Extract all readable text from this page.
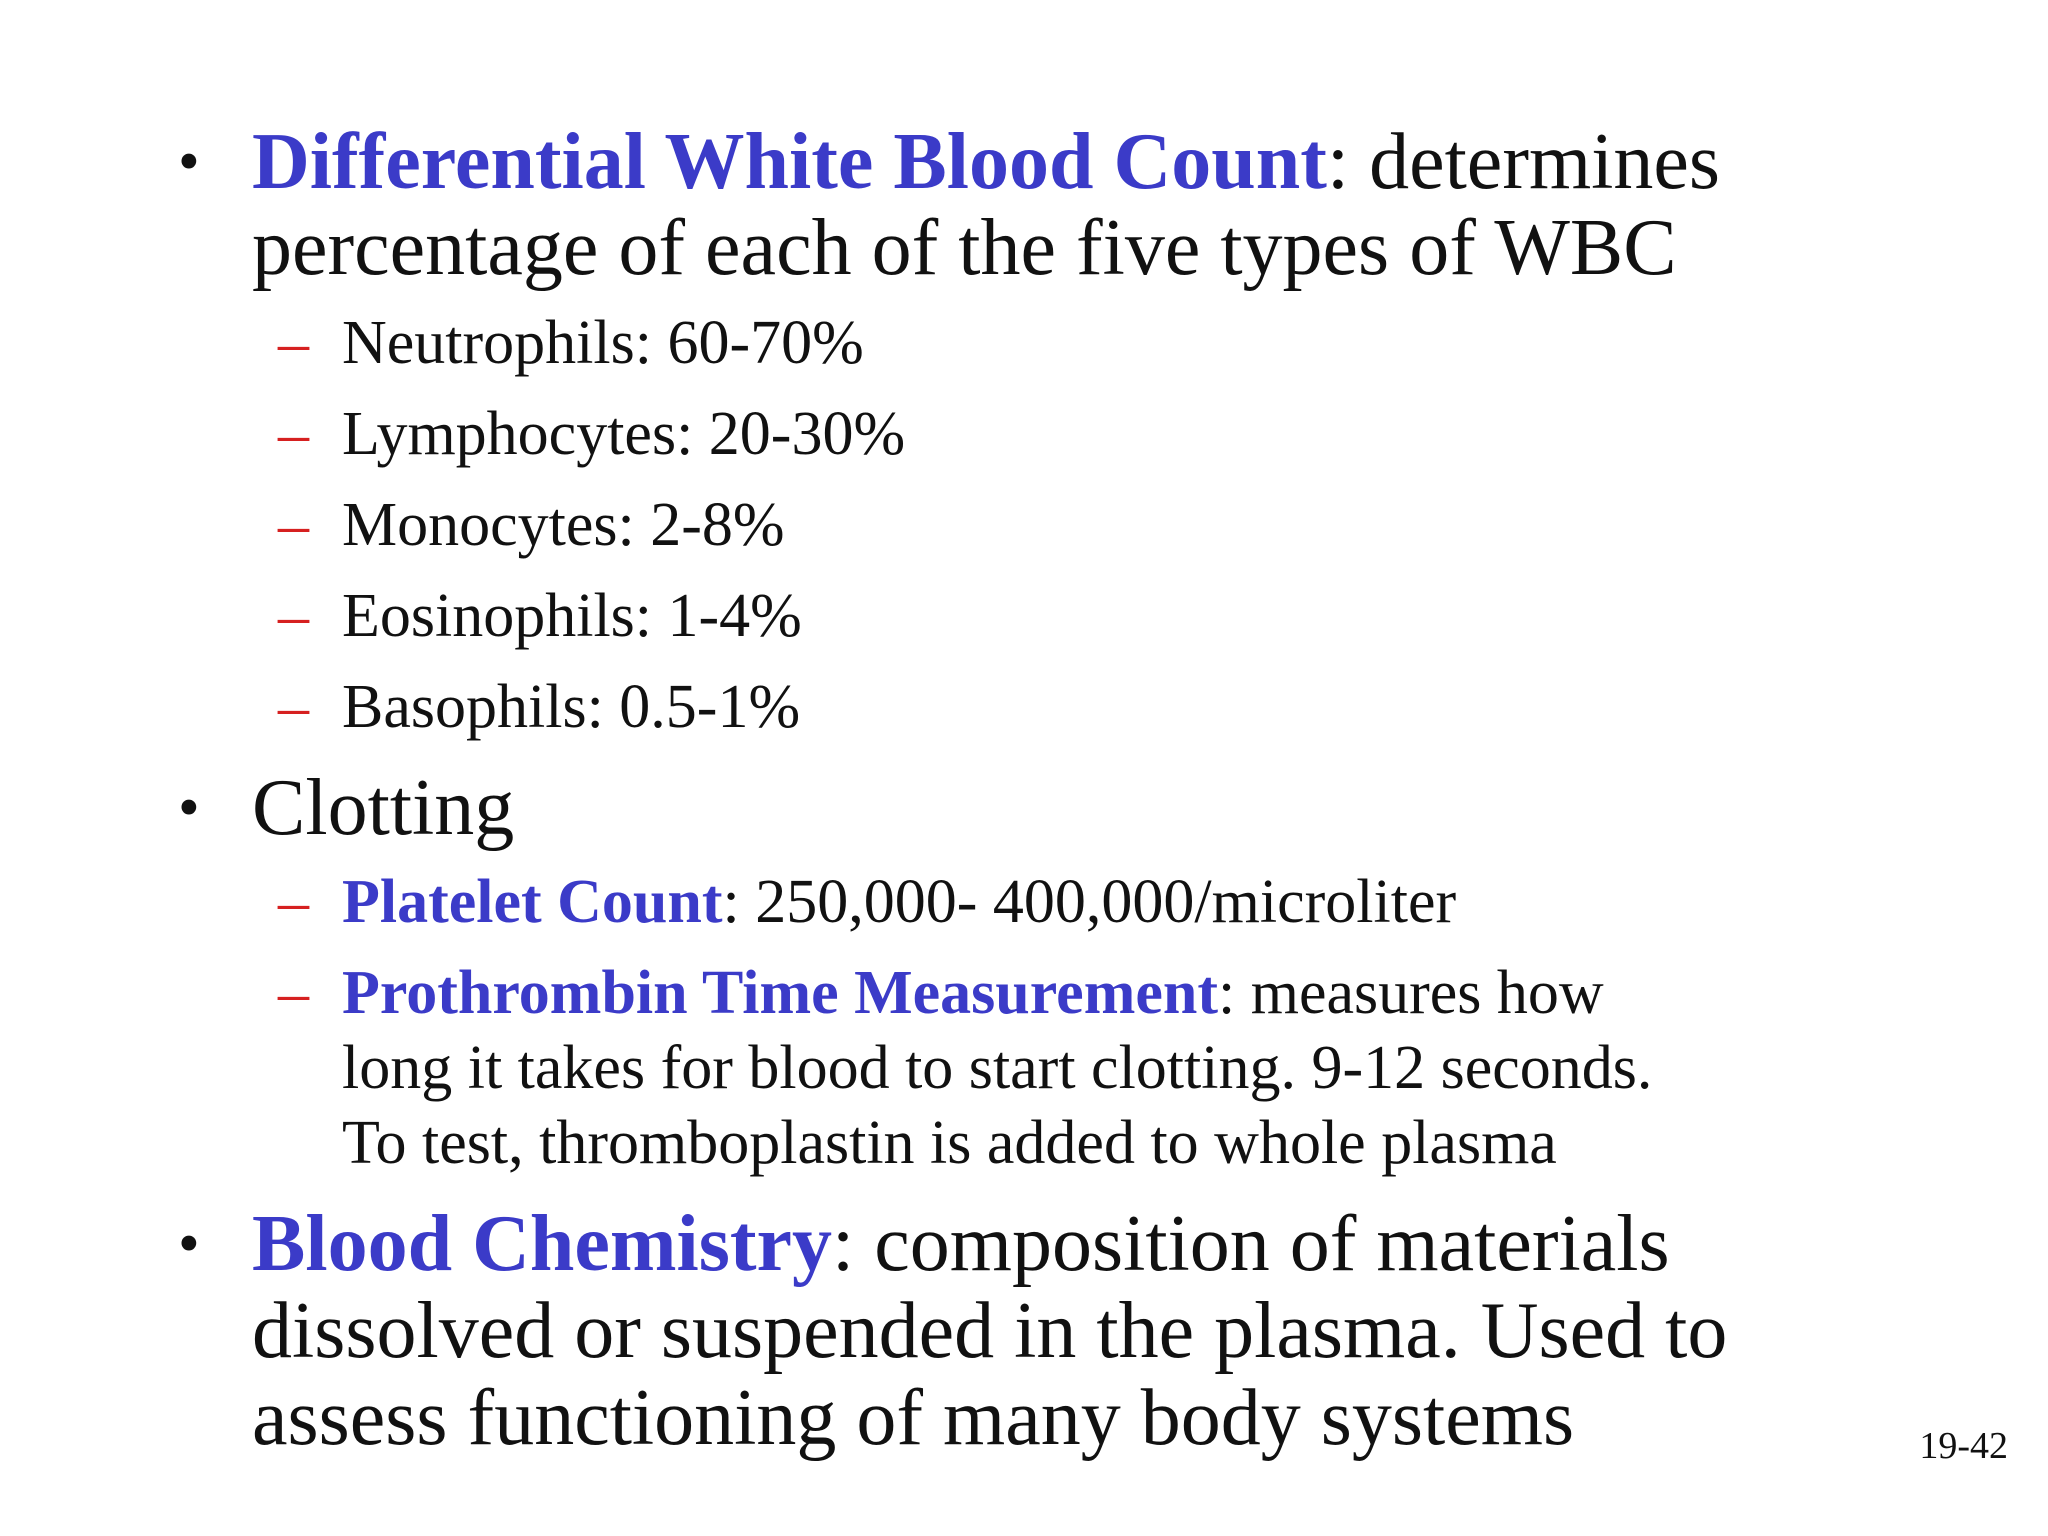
• Differential White Blood Count: determines
percentage of each of the five types of WBC
– Neutrophils: 60-70%
– Lymphocytes: 20-30%
– Monocytes: 2-8%
– Eosinophils: 1-4%
– Basophils: 0.5-1%
• Clotting
– Platelet Count: 250,000- 400,000/microliter
– Prothrombin Time Measurement: measures how
long it takes for blood to start clotting. 9-12 seconds.
To test, thromboplastin is added to whole plasma
• Blood Chemistry: composition of materials
dissolved or suspended in the plasma. Used to
assess functioning of many body systems	19-42
